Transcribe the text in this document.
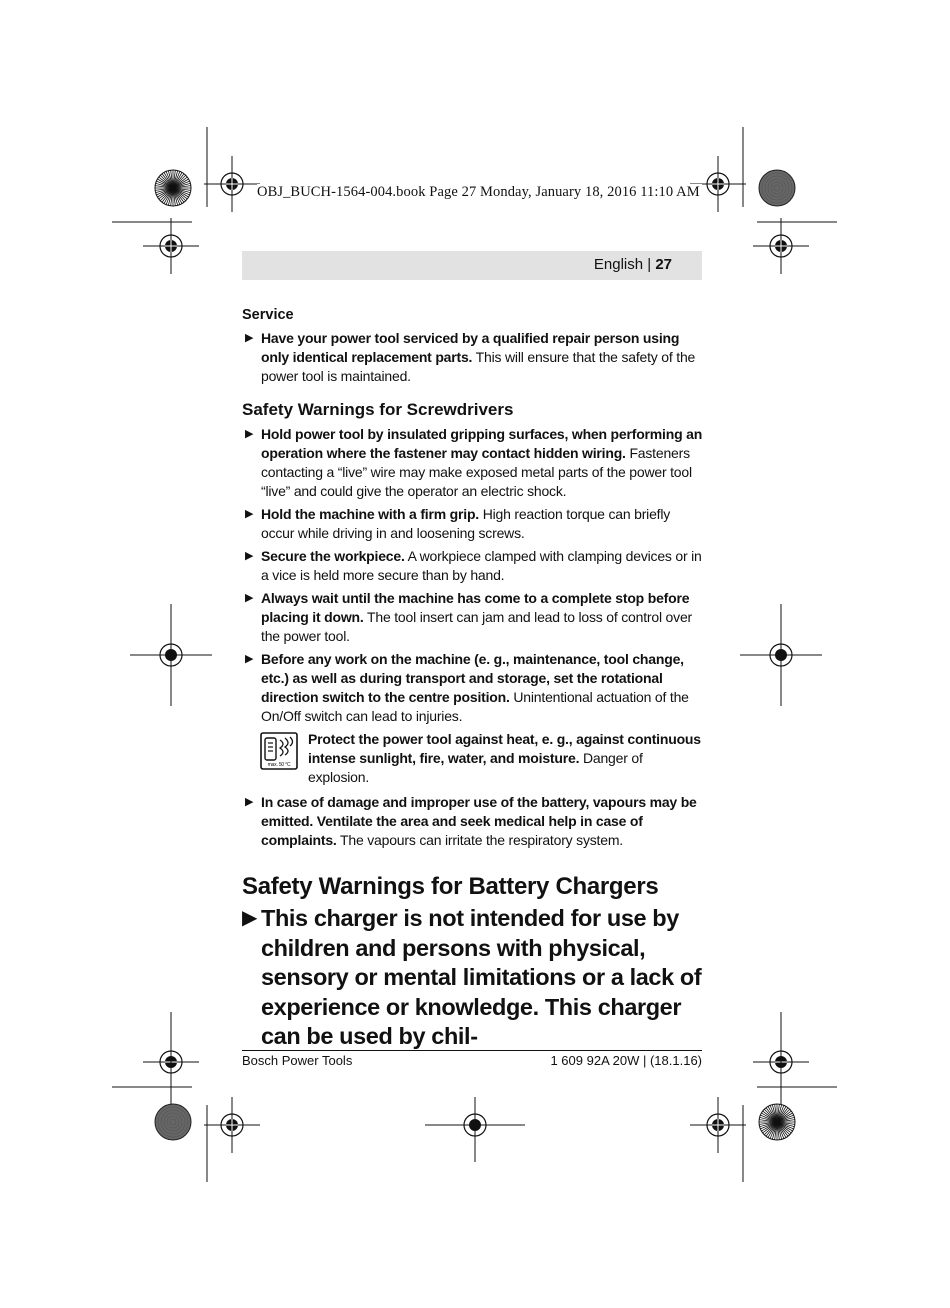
OBJ_BUCH-1564-004.book Page 27 Monday, January 18, 2016 11:10 AM
English | 27
Service
▶ Have your power tool serviced by a qualified repair person using only identical replacement parts. This will ensure that the safety of the power tool is maintained.
Safety Warnings for Screwdrivers
▶ Hold power tool by insulated gripping surfaces, when performing an operation where the fastener may contact hidden wiring. Fasteners contacting a “live” wire may make exposed metal parts of the power tool “live” and could give the operator an electric shock.
▶ Hold the machine with a firm grip. High reaction torque can briefly occur while driving in and loosening screws.
▶ Secure the workpiece. A workpiece clamped with clamping devices or in a vice is held more secure than by hand.
▶ Always wait until the machine has come to a complete stop before placing it down. The tool insert can jam and lead to loss of control over the power tool.
▶ Before any work on the machine (e. g., maintenance, tool change, etc.) as well as during transport and storage, set the rotational direction switch to the centre position. Unintentional actuation of the On/Off switch can lead to injuries.
max. 50 °C
Protect the power tool against heat, e. g., against continuous intense sunlight, fire, water, and moisture. Danger of explosion.
▶ In case of damage and improper use of the battery, vapours may be emitted. Ventilate the area and seek medical help in case of complaints. The vapours can irritate the respiratory system.
Safety Warnings for Battery Chargers
▶ This charger is not intended for use by children and persons with physical, sensory or mental limitations or a lack of experience or knowledge. This charger can be used by chil-
Bosch Power Tools	1 609 92A 20W | (18.1.16)
